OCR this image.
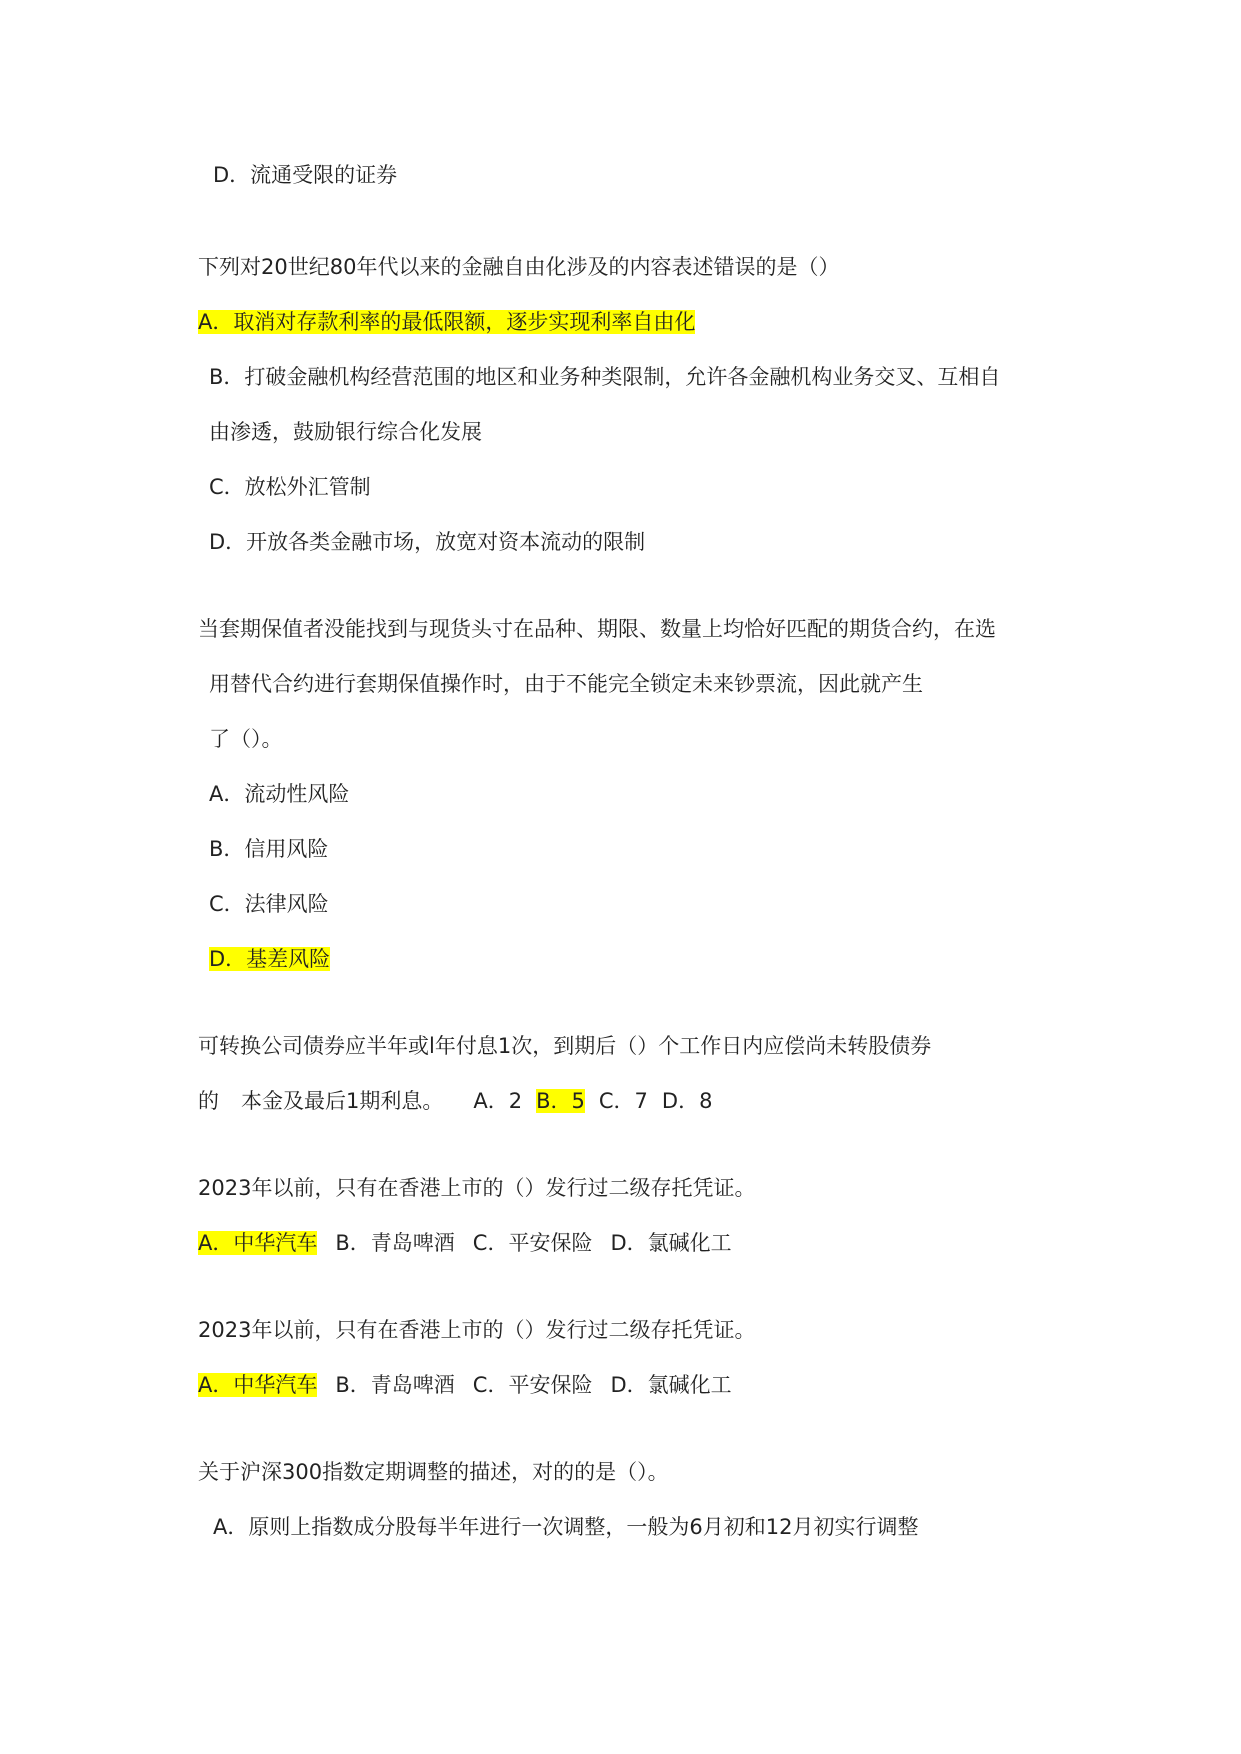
D．流通受限的证券
下列对20世纪80年代以来的金融自由化涉及的内容表述错误的是（）
A．取消对存款利率的最低限额，逐步实现利率自由化
B．打破金融机构经营范围的地区和业务种类限制，允许各金融机构业务交叉、互相自
由渗透，鼓励银行综合化发展
C．放松外汇管制
D．开放各类金融市场，放宽对资本流动的限制
当套期保值者没能找到与现货头寸在品种、期限、数量上均恰好匹配的期货合约，在选
用替代合约进行套期保值操作时，由于不能完全锁定未来钞票流，因此就产生
了（）。
A．流动性风险
B．信用风险
C．法律风险
D．基差风险
可转换公司债券应半年或l年付息1次，到期后（）个工作日内应偿尚未转股债券
的 本金及最后1期利息。 A．2 B．5 C．7 D．8
2023年以前，只有在香港上市的（）发行过二级存托凭证。
A．中华汽车 B．青岛啤酒 C．平安保险 D．氯碱化工
2023年以前，只有在香港上市的（）发行过二级存托凭证。
A．中华汽车 B．青岛啤酒 C．平安保险 D．氯碱化工
关于沪深300指数定期调整的描述，对的的是（）。
A．原则上指数成分股每半年进行一次调整，一般为6月初和12月初实行调整
